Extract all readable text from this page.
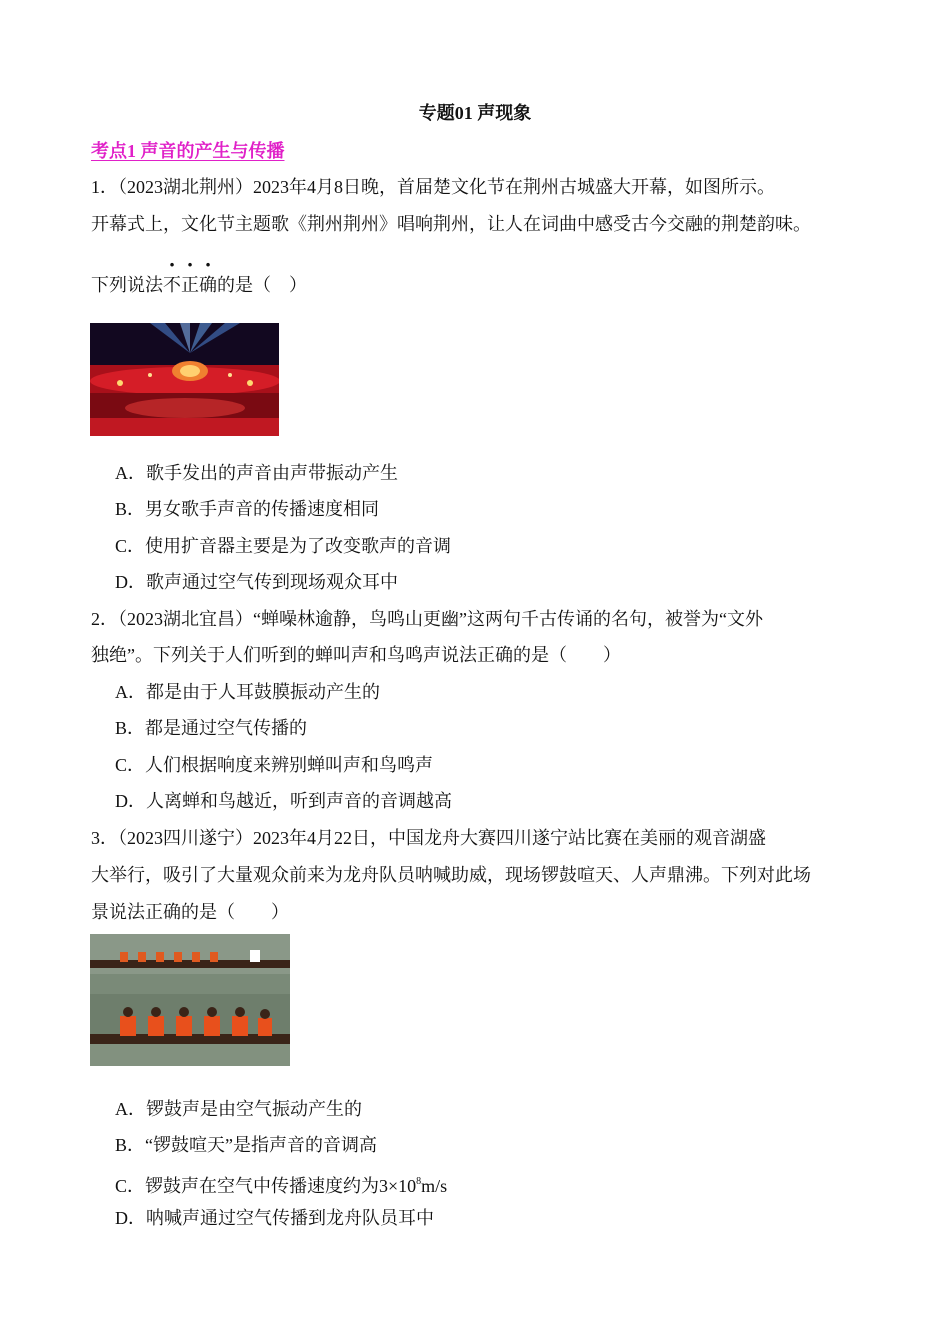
专题01 声现象
考点1 声音的产生与传播
1．（2023湖北荆州）2023年4月8日晚，首届楚文化节在荆州古城盛大开幕，如图所示。
开幕式上，文化节主题歌《荆州荆州》唱响荆州，让人在词曲中感受古今交融的荆楚韵味。
下列说法不正确的是（　）
A．歌手发出的声音由声带振动产生
B．男女歌手声音的传播速度相同
C．使用扩音器主要是为了改变歌声的音调
D．歌声通过空气传到现场观众耳中
2．（2023湖北宜昌）“蝉噪林逾静，鸟鸣山更幽”这两句千古传诵的名句，被誉为“文外
独绝”。下列关于人们听到的蝉叫声和鸟鸣声说法正确的是（　　）
A．都是由于人耳鼓膜振动产生的
B．都是通过空气传播的
C．人们根据响度来辨别蝉叫声和鸟鸣声
D．人离蝉和鸟越近，听到声音的音调越高
3．（2023四川遂宁）2023年4月22日，中国龙舟大赛四川遂宁站比赛在美丽的观音湖盛
大举行，吸引了大量观众前来为龙舟队员呐喊助威，现场锣鼓喧天、人声鼎沸。下列对此场
景说法正确的是（　　）
A．锣鼓声是由空气振动产生的
B．“锣鼓喧天”是指声音的音调高
C．锣鼓声在空气中传播速度约为$3\times 10^8m/s$
D．呐喊声通过空气传播到龙舟队员耳中
